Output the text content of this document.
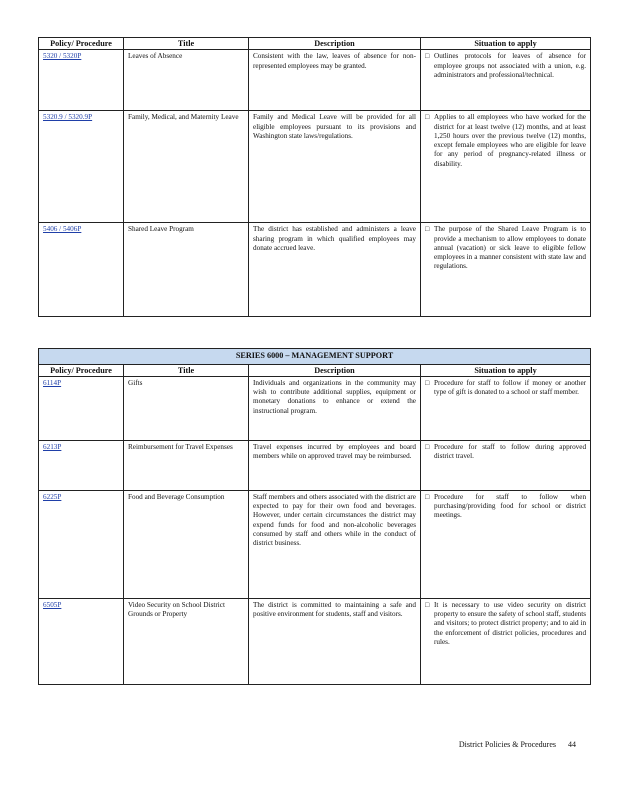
Policy/ Procedure	Title	Description	Situation to apply
5320 / 5320P	Leaves of Absence	Consistent with the law, leaves of absence for non-represented employees may be granted.	□ Outlines protocols for leaves of absence for employee groups not associated with a union, e.g. administrators and professional/technical.

5320.9 / 5320.9P	Family, Medical, and Maternity Leave	Family and Medical Leave will be provided for all eligible employees pursuant to its provisions and Washington state laws/regulations.	□ Applies to all employees who have worked for the district for at least twelve (12) months, and at least 1,250 hours over the previous twelve (12) months, except female employees who are eligible for leave for any period of pregnancy-related illness or disability.

5406 / 5406P	Shared Leave Program	The district has established and administers a leave sharing program in which qualified employees may donate accrued leave.	□ The purpose of the Shared Leave Program is to provide a mechanism to allow employees to donate annual (vacation) or sick leave to eligible fellow employees in a manner consistent with state law and regulations.
SERIES 6000 – MANAGEMENT SUPPORT			
Policy/ Procedure	Title	Description	Situation to apply
6114P	Gifts	Individuals and organizations in the community may wish to contribute additional supplies, equipment or monetary donations to enhance or extend the instructional program.	□ Procedure for staff to follow if money or another type of gift is donated to a school or staff member.

6213P	Reimbursement for Travel Expenses	Travel expenses incurred by employees and board members while on approved travel may be reimbursed.	□ Procedure for staff to follow during approved district travel.

6225P	Food and Beverage Consumption	Staff members and others associated with the district are expected to pay for their own food and beverages. However, under certain circumstances the district may expend funds for food and non-alcoholic beverages consumed by staff and others while in the conduct of district business.	□ Procedure for staff to follow when purchasing/providing food for school or district meetings.

6505P	Video Security on School District Grounds or Property	The district is committed to maintaining a safe and positive environment for students, staff and visitors.	□ It is necessary to use video security on district property to ensure the safety of school staff, students and visitors; to protect district property; and to aid in the enforcement of district policies, procedures and rules.
District Policies & Procedures 44
